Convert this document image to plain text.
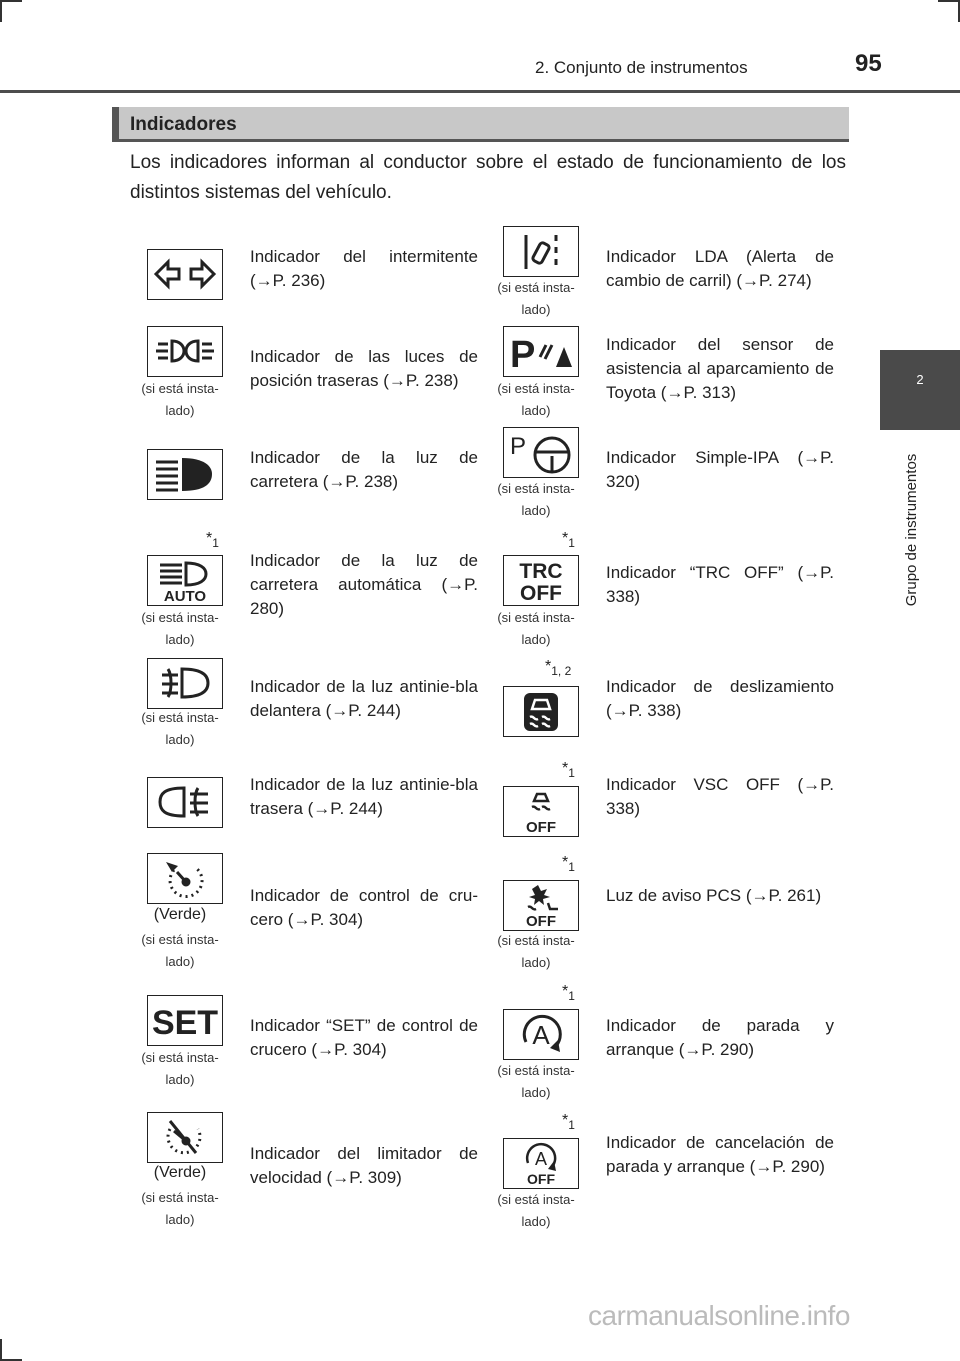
2. Conjunto de instrumentos	95
2
Grupo de instrumentos
Indicadores
Los indicadores informan al conductor sobre el estado de funcionamiento de los distintos sistemas del vehículo.
Indicador del intermitente (→P. 236)
(si está insta-
lado)
Indicador de las luces de posición traseras (→P. 238)
Indicador de la luz de carretera (→P. 238)
$*_1$
AUTO
(si está insta-
lado)
Indicador de la luz de carretera automática (→P. 280)
(si está insta-
lado)
Indicador de la luz antinie-bla delantera (→P. 244)
Indicador de la luz antinie-bla trasera (→P. 244)
(Verde)
(si está insta-
lado)
Indicador de control de cru-cero (→P. 304)
SET
(si está insta-
lado)
Indicador “SET” de control de crucero (→P. 304)
(Verde)
(si está insta-
lado)
Indicador del limitador de velocidad (→P. 309)
(si está insta-
lado)
Indicador LDA (Alerta de cambio de carril) (→P. 274)
P
(si está insta-
lado)
Indicador del sensor de asistencia al aparcamiento de Toyota (→P. 313)
P
(si está insta-
lado)
Indicador Simple-IPA (→P. 320)
$*_1$
TRC
OFF
(si está insta-
lado)
Indicador “TRC OFF” (→P. 338)
$*_{1, 2}$
Indicador de deslizamiento (→P. 338)
$*_1$
OFF
Indicador VSC OFF (→P. 338)
$*_1$
OFF
(si está insta-
lado)
Luz de aviso PCS (→P. 261)
$*_1$
A
(si está insta-
lado)
Indicador de parada y arranque (→P. 290)
$*_1$
A
OFF
(si está insta-
lado)
Indicador de cancelación de parada y arranque (→P. 290)
carmanualsonline.info
